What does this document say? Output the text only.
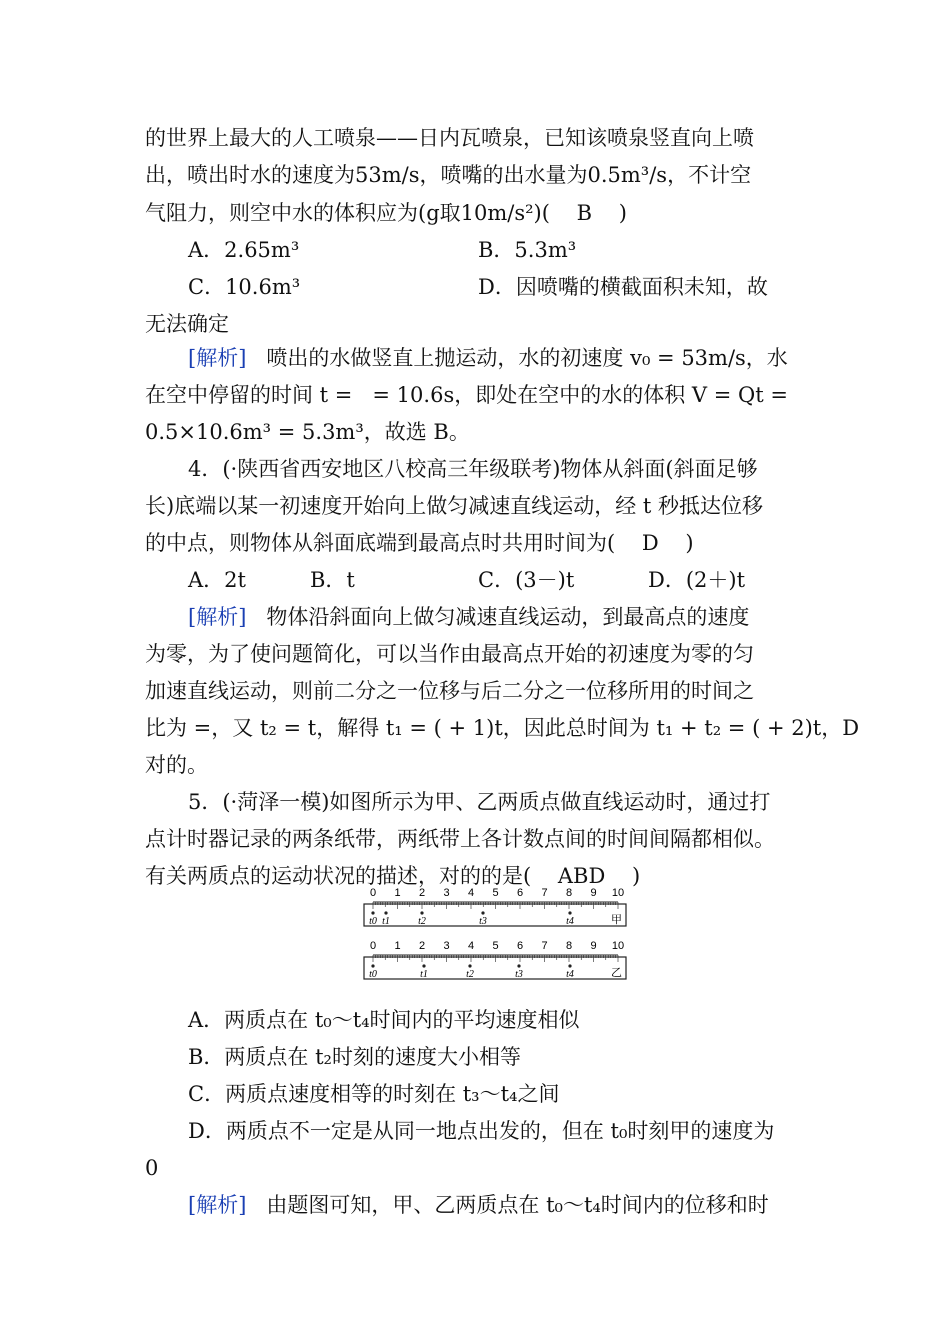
的世界上最大的人工喷泉——日内瓦喷泉，已知该喷泉竖直向上喷
出，喷出时水的速度为53m/s，喷嘴的出水量为0.5m³/s，不计空
气阻力，则空中水的体积应为(g取10m/s²)(    B    )
A．2.65m³	B．5.3m³
C．10.6m³	D．因喷嘴的横截面积未知，故
无法确定
[解析]   喷出的水做竖直上抛运动，水的初速度 v₀ = 53m/s，水
在空中停留的时间 t =   = 10.6s，即处在空中的水的体积 V = Qt =
0.5×10.6m³ = 5.3m³，故选 B。
4．(·陕西省西安地区八校高三年级联考)物体从斜面(斜面足够
长)底端以某一初速度开始向上做匀减速直线运动，经 t 秒抵达位移
的中点，则物体从斜面底端到最高点时共用时间为(    D    )
A．2t	B．t	C．(3－)t	D．(2＋)t
[解析]   物体沿斜面向上做匀减速直线运动，到最高点的速度
为零，为了使问题简化，可以当作由最高点开始的初速度为零的匀
加速直线运动，则前二分之一位移与后二分之一位移所用的时间之
比为 =，又 t₂ = t，解得 t₁ = ( + 1)t，因此总时间为 t₁ + t₂ = ( + 2)t，D
对的。
5．(·菏泽一模)如图所示为甲、乙两质点做直线运动时，通过打
点计时器记录的两条纸带，两纸带上各计数点间的时间间隔都相似。
有关两质点的运动状况的描述，对的的是(    ABD    )
0 1 2 3 4 5 6 7 8 9 10
t0 t1	t2	t3	t4	甲
0 1 2 3 4 5 6 7 8 9 10
t0	t1	t2	t3	t4	乙
A．两质点在 t₀～t₄时间内的平均速度相似
B．两质点在 t₂时刻的速度大小相等
C．两质点速度相等的时刻在 t₃～t₄之间
D．两质点不一定是从同一地点出发的，但在 t₀时刻甲的速度为
0
[解析]   由题图可知，甲、乙两质点在 t₀～t₄时间内的位移和时
